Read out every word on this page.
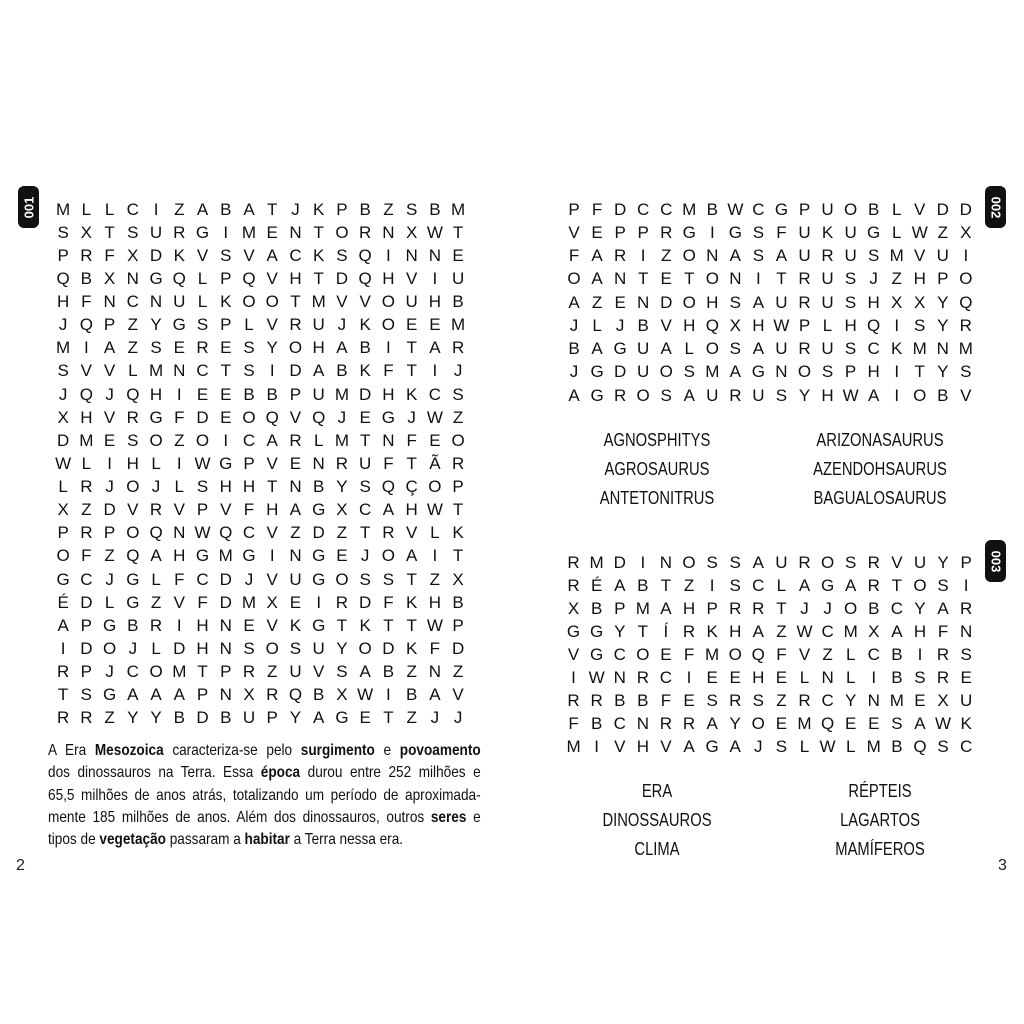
001 M L L C I Z A B A T J K P B Z S B M
S X T S U R G I M E N T O R N X W T
P R F X D K V S V A C K S Q I N N E
Q B X N G Q L P Q V H T D Q H V I U
H F N C N U L K O O T M V V O U H B
J Q P Z Y G S P L V R U J K O E E M
M I A Z S E R E S Y O H A B I T A R
S V V L M N C T S I D A B K F T I J
J Q J Q H I E E B B P U M D H K C S
X H V R G F D E O Q V Q J E G J W Z
D M E S O Z O I C A R L M T N F E O
W L I H L I W G P V E N R U F T Ã R
L R J O J L S H H T N B Y S Q Ç O P
X Z D V R V P V F H A G X C A H W T
P R P O Q N W Q C V Z D Z T R V L K
O F Z Q A H G M G I N G E J O A I T
G C J G L F C D J V U G O S S T Z X
É D L G Z V F D M X E I R D F K H B
A P G B R I H N E V K G T K T T W P
I D O J L D H N S O S U Y O D K F D
R P J C O M T P R Z U V S A B Z N Z
T S G A A A P N X R Q B X W I B A V
R R Z Y Y B D B U P Y A G E T Z J J
A Era Mesozoica caracteriza-se pelo surgimento e povoamento
dos dinossauros na Terra. Essa época durou entre 252 milhões e
65,5 milhões de anos atrás, totalizando um período de aproximada-
mente 185 milhões de anos. Além dos dinossauros, outros seres e
tipos de vegetação passaram a habitar a Terra nessa era.
2
002
P F D C C M B W C G P U O B L V D D
V E P P R G I G S F U K U G L W Z X
F A R I Z O N A S A U R U S M V U I
O A N T E T O N I T R U S J Z H P O
A Z E N D O H S A U R U S H X X Y Q
J L J B V H Q X H W P L H Q I S Y R
B A G U A L O S A U R U S C K M N M
J G D U O S M A G N O S P H I T Y S
A G R O S A U R U S Y H W A I O B V
AGNOSPHITYS
AGROSAURUS
ANTETONITRUS
ARIZONASAURUS
AZENDOHSAURUS
BAGUALOSAURUS
003
R M D I N O S S A U R O S R V U Y P
R É A B T Z I S C L A G A R T O S I
X B P M A H P R R T J J O B C Y A R
G G Y T Í R K H A Z W C M X A H F N
V G C O E F M O Q F V Z L C B I R S
I W N R C I E E H E L N L I B S R E
R R B B F E S R S Z R C Y N M E X U
F B C N R R A Y O E M Q E E S A W K
M I V H V A G A J S L W L M B Q S C
ERA
DINOSSAUROS
CLIMA
RÉPTEIS
LAGARTOS
MAMÍFEROS
3
